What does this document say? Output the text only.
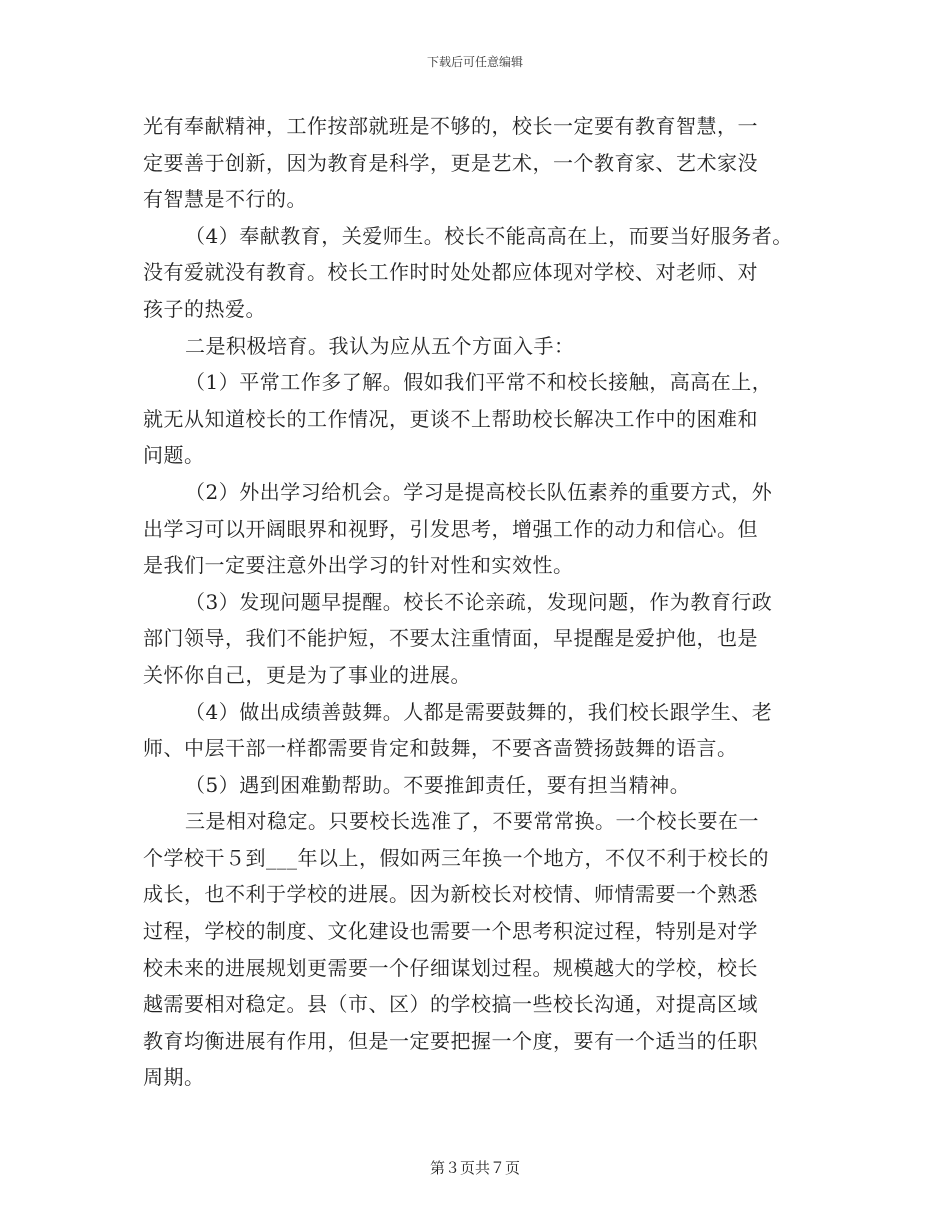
下载后可任意编辑

光有奉献精神，工作按部就班是不够的，校长一定要有教育智慧，一
定要善于创新，因为教育是科学，更是艺术，一个教育家、艺术家没
有智慧是不行的。

（4）奉献教育，关爱师生。校长不能高高在上，而要当好服务者。
没有爱就没有教育。校长工作时时处处都应体现对学校、对老师、对
孩子的热爱。

二是积极培育。我认为应从五个方面入手：

（1）平常工作多了解。假如我们平常不和校长接触，高高在上，
就无从知道校长的工作情况，更谈不上帮助校长解决工作中的困难和
问题。

（2）外出学习给机会。学习是提高校长队伍素养的重要方式，外
出学习可以开阔眼界和视野，引发思考，增强工作的动力和信心。但
是我们一定要注意外出学习的针对性和实效性。

（3）发现问题早提醒。校长不论亲疏，发现问题，作为教育行政
部门领导，我们不能护短，不要太注重情面，早提醒是爱护他，也是
关怀你自己，更是为了事业的进展。

（4）做出成绩善鼓舞。人都是需要鼓舞的，我们校长跟学生、老
师、中层干部一样都需要肯定和鼓舞，不要吝啬赞扬鼓舞的语言。

（5）遇到困难勤帮助。不要推卸责任，要有担当精神。

三是相对稳定。只要校长选准了，不要常常换。一个校长要在一
个学校干５到___年以上，假如两三年换一个地方，不仅不利于校长的
成长，也不利于学校的进展。因为新校长对校情、师情需要一个熟悉
过程，学校的制度、文化建设也需要一个思考积淀过程，特别是对学
校未来的进展规划更需要一个仔细谋划过程。规模越大的学校，校长
越需要相对稳定。县（市、区）的学校搞一些校长沟通，对提高区域
教育均衡进展有作用，但是一定要把握一个度，要有一个适当的任职
周期。

第３页共７页
